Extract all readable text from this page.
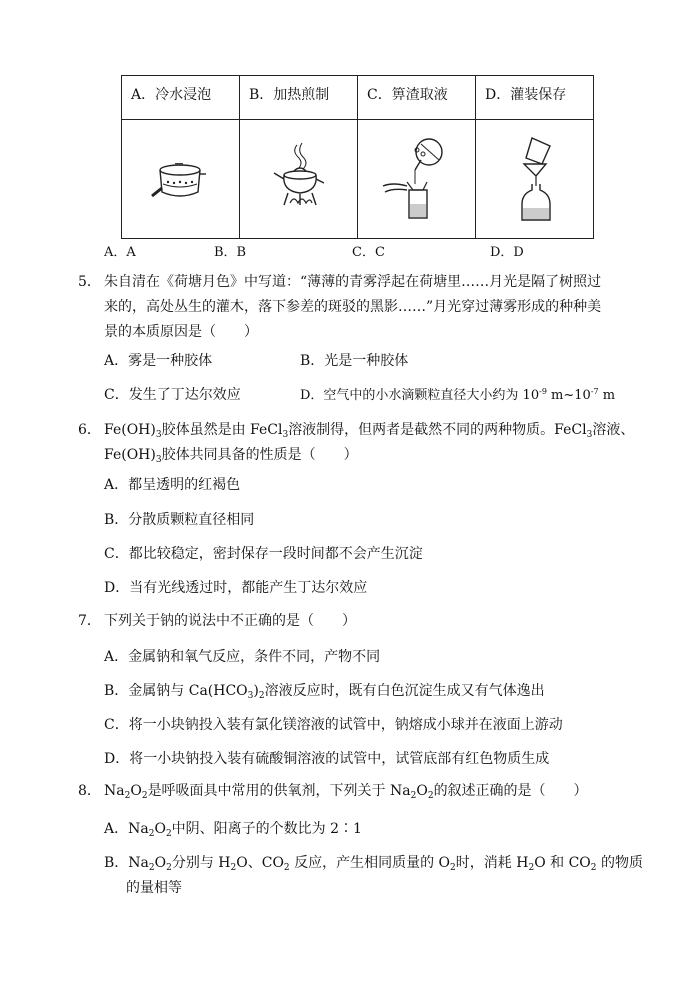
A．冷水浸泡	B．加热煎制	C．箅渣取液	D．灌装保存

A．A	B．B	C．C	D．D
5． 朱自清在《荷塘月色》中写道：“薄薄的青雾浮起在荷塘里……月光是隔了树照过
来的，高处丛生的灌木，落下参差的斑驳的黑影……”月光穿过薄雾形成的种种美
景的本质原因是（　　）
A．雾是一种胶体	B．光是一种胶体
C．发生了丁达尔效应	D．空气中的小水滴颗粒直径大小约为 $10^{-9}$ $m\sim 10^{-7}$ m
6． $Fe(OH)_3$胶体虽然是由 FeCl$_3$溶液制得，但两者是截然不同的两种物质。FeCl$_3$溶液、
$Fe(OH)_3$胶体共同具备的性质是（　　）
A．都呈透明的红褐色
B．分散质颗粒直径相同
C．都比较稳定，密封保存一段时间都不会产生沉淀
D．当有光线透过时，都能产生丁达尔效应
7． 下列关于钠的说法中不正确的是（　　）
A．金属钠和氧气反应，条件不同，产物不同
B．金属钠与 $Ca(HCO_3)_2$溶液反应时，既有白色沉淀生成又有气体逸出
C．将一小块钠投入装有氯化镁溶液的试管中，钠熔成小球并在液面上游动
D．将一小块钠投入装有硫酸铜溶液的试管中，试管底部有红色物质生成
8． $Na_2O_2$是呼吸面具中常用的供氧剂，下列关于 $Na_2O_2$的叙述正确的是（　　）
A．$Na_2O_2$中阴、阳离子的个数比为 2∶1
B．$Na_2O_2$分别与 $H_2O$、$CO_2$ 反应，产生相同质量的 $O_2$时，消耗 $H_2O$ 和 $CO_2$ 的物质
的量相等
